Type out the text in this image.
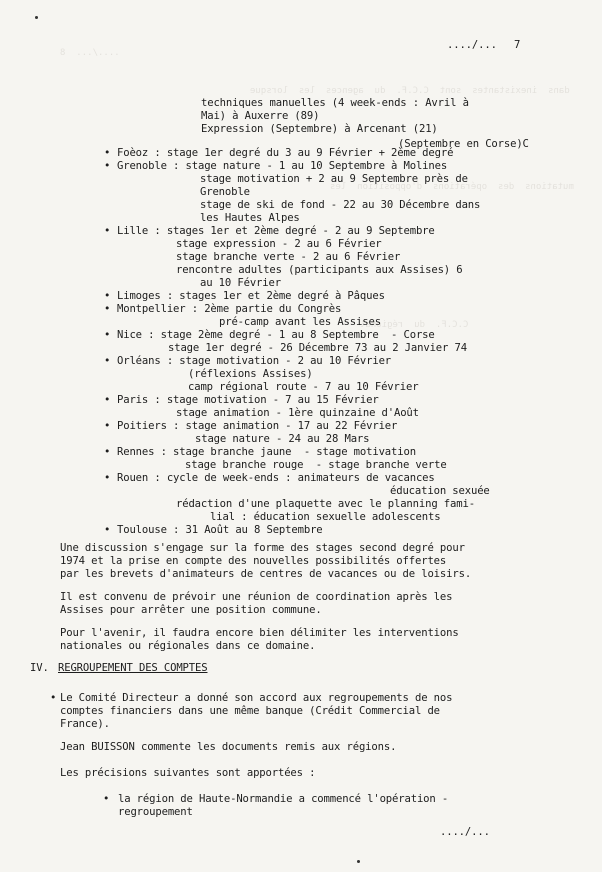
..../...  8
dans  inexistantes  sont  C.C.F.  du  agences  les  lorsque
mutations  des  opérations  d'opposition  les
C.C.F.  du  régional
..../... 7
techniques manuelles (4 week-ends : Avril à
Mai) à Auxerre (89)
Expression (Septembre) à Arcenant (21)
(Septembre en Corse)C
• Foèoz : stage 1er degré du 3 au 9 Février + 2ème degré
• Grenoble : stage nature - 1 au 10 Septembre à Molines
stage motivation + 2 au 9 Septembre près de
Grenoble
stage de ski de fond - 22 au 30 Décembre dans
les Hautes Alpes
• Lille : stages 1er et 2ème degré - 2 au 9 Septembre
stage expression - 2 au 6 Février
stage branche verte - 2 au 6 Février
rencontre adultes (participants aux Assises) 6
au 10 Février
• Limoges : stages 1er et 2ème degré à Pâques
• Montpellier : 2ème partie du Congrès
pré-camp avant les Assises
• Nice : stage 2ème degré - 1 au 8 Septembre  - Corse
stage 1er degré - 26 Décembre 73 au 2 Janvier 74
• Orléans : stage motivation - 2 au 10 Février
(réflexions Assises)
camp régional route - 7 au 10 Février
• Paris : stage motivation - 7 au 15 Février
stage animation - 1ère quinzaine d'Août
• Poitiers : stage animation - 17 au 22 Février
stage nature - 24 au 28 Mars
• Rennes : stage branche jaune  - stage motivation
stage branche rouge  - stage branche verte
• Rouen : cycle de week-ends : animateurs de vacances
éducation sexuée
rédaction d'une plaquette avec le planning fami-
lial : éducation sexuelle adolescents
• Toulouse : 31 Août au 8 Septembre
Une discussion s'engage sur la forme des stages second degré pour
1974 et la prise en compte des nouvelles possibilités offertes
par les brevets d'animateurs de centres de vacances ou de loisirs.
Il est convenu de prévoir une réunion de coordination après les
Assises pour arrêter une position commune.
Pour l'avenir, il faudra encore bien délimiter les interventions
nationales ou régionales dans ce domaine.
IV. REGROUPEMENT DES COMPTES
• Le Comité Directeur a donné son accord aux regroupements de nos
comptes financiers dans une même banque (Crédit Commercial de
France).
Jean BUISSON commente les documents remis aux régions.
Les précisions suivantes sont apportées :
• la région de Haute-Normandie a commencé l'opération -
regroupement
..../...
